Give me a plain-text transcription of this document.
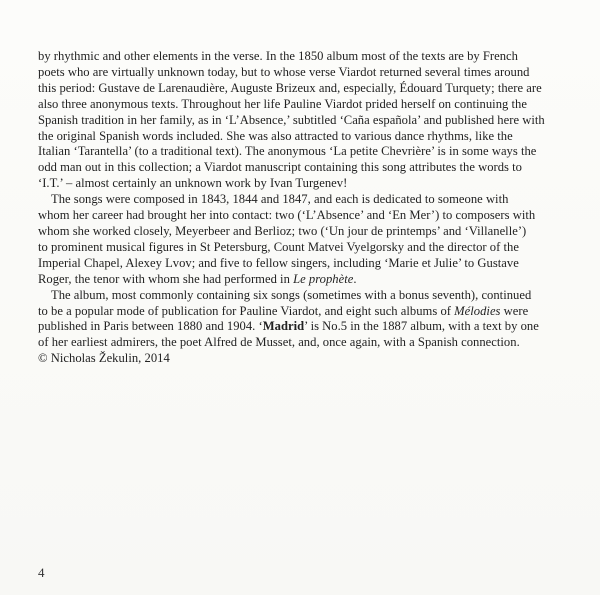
by rhythmic and other elements in the verse. In the 1850 album most of the texts are by French
poets who are virtually unknown today, but to whose verse Viardot returned several times around
this period: Gustave de Larenaudière, Auguste Brizeux and, especially, Édouard Turquety; there are
also three anonymous texts. Throughout her life Pauline Viardot prided herself on continuing the
Spanish tradition in her family, as in ‘L’Absence,’ subtitled ‘Caña española’ and published here with
the original Spanish words included. She was also attracted to various dance rhythms, like the
Italian ‘Tarantella’ (to a traditional text). The anonymous ‘La petite Chevrière’ is in some ways the
odd man out in this collection; a Viardot manuscript containing this song attributes the words to
‘I.T.’ – almost certainly an unknown work by Ivan Turgenev!

The songs were composed in 1843, 1844 and 1847, and each is dedicated to someone with
whom her career had brought her into contact: two (‘L’Absence’ and ‘En Mer’) to composers with
whom she worked closely, Meyerbeer and Berlioz; two (‘Un jour de printemps’ and ‘Villanelle’)
to prominent musical figures in St Petersburg, Count Matvei Vyelgorsky and the director of the
Imperial Chapel, Alexey Lvov; and five to fellow singers, including ‘Marie et Julie’ to Gustave
Roger, the tenor with whom she had performed in Le prophète.

The album, most commonly containing six songs (sometimes with a bonus seventh), continued
to be a popular mode of publication for Pauline Viardot, and eight such albums of Mélodies were
published in Paris between 1880 and 1904. ‘Madrid’ is No.5 in the 1887 album, with a text by one
of her earliest admirers, the poet Alfred de Musset, and, once again, with a Spanish connection.
© Nicholas Žekulin, 2014

4
